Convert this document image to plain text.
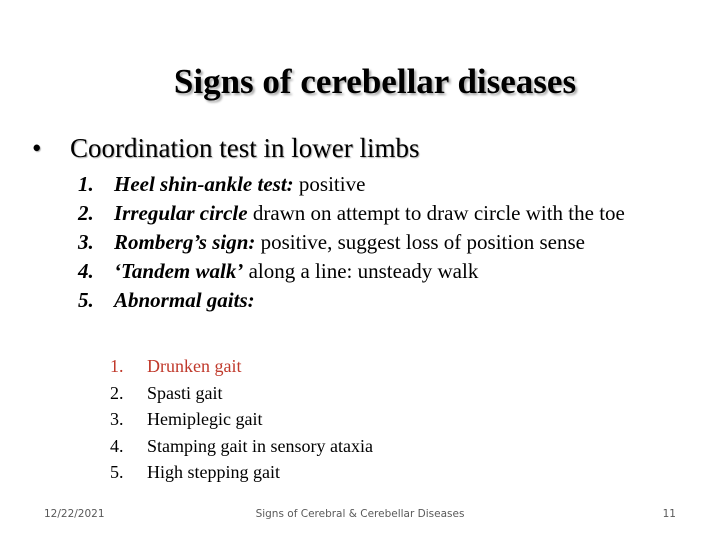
Signs of cerebellar diseases
•	Coordination test in lower limbs
1. Heel shin-ankle test: positive
2. Irregular circle drawn on attempt to draw circle with the toe
3. Romberg’s sign: positive, suggest loss of position sense
4. ‘Tandem walk’ along a line: unsteady walk
5. Abnormal gaits:
1.	Drunken gait
2.	Spasti gait
3.	Hemiplegic gait
4.	Stamping gait in sensory ataxia
5.	High stepping gait
12/22/2021	Signs of Cerebral & Cerebellar Diseases	11
